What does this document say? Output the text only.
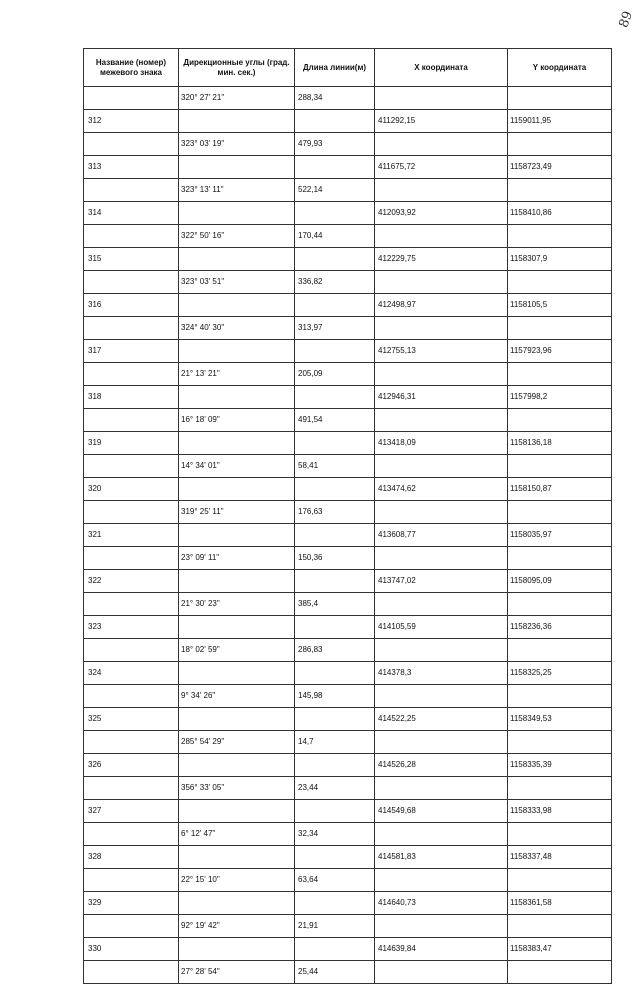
89
Название (номер) межевого знака	Дирекционные углы (град. мин. сек.)	Длина линии(м)	X координата	Y координата
	320° 27' 21"	288,34		
312			411292,15	1159011,95
	323° 03' 19"	479,93		
313			411675,72	1158723,49
	323° 13' 11"	522,14		
314			412093,92	1158410,86
	322° 50' 16"	170,44		
315			412229,75	1158307,9
	323° 03' 51"	336,82		
316			412498,97	1158105,5
	324° 40' 30"	313,97		
317			412755,13	1157923,96
	21° 13' 21"	205,09		
318			412946,31	1157998,2
	16° 18' 09"	491,54		
319			413418,09	1158136,18
	14° 34' 01"	58,41		
320			413474,62	1158150,87
	319° 25' 11"	176,63		
321			413608,77	1158035,97
	23° 09' 11"	150,36		
322			413747,02	1158095,09
	21° 30' 23"	385,4		
323			414105,59	1158236,36
	18° 02' 59"	286,83		
324			414378,3	1158325,25
	9° 34' 26"	145,98		
325			414522,25	1158349,53
	285° 54' 29"	14,7		
326			414526,28	1158335,39
	356° 33' 05"	23,44		
327			414549,68	1158333,98
	6° 12' 47"	32,34		
328			414581,83	1158337,48
	22° 15' 10"	63,64		
329			414640,73	1158361,58
	92° 19' 42"	21,91		
330			414639,84	1158383,47
	27° 28' 54"	25,44		
